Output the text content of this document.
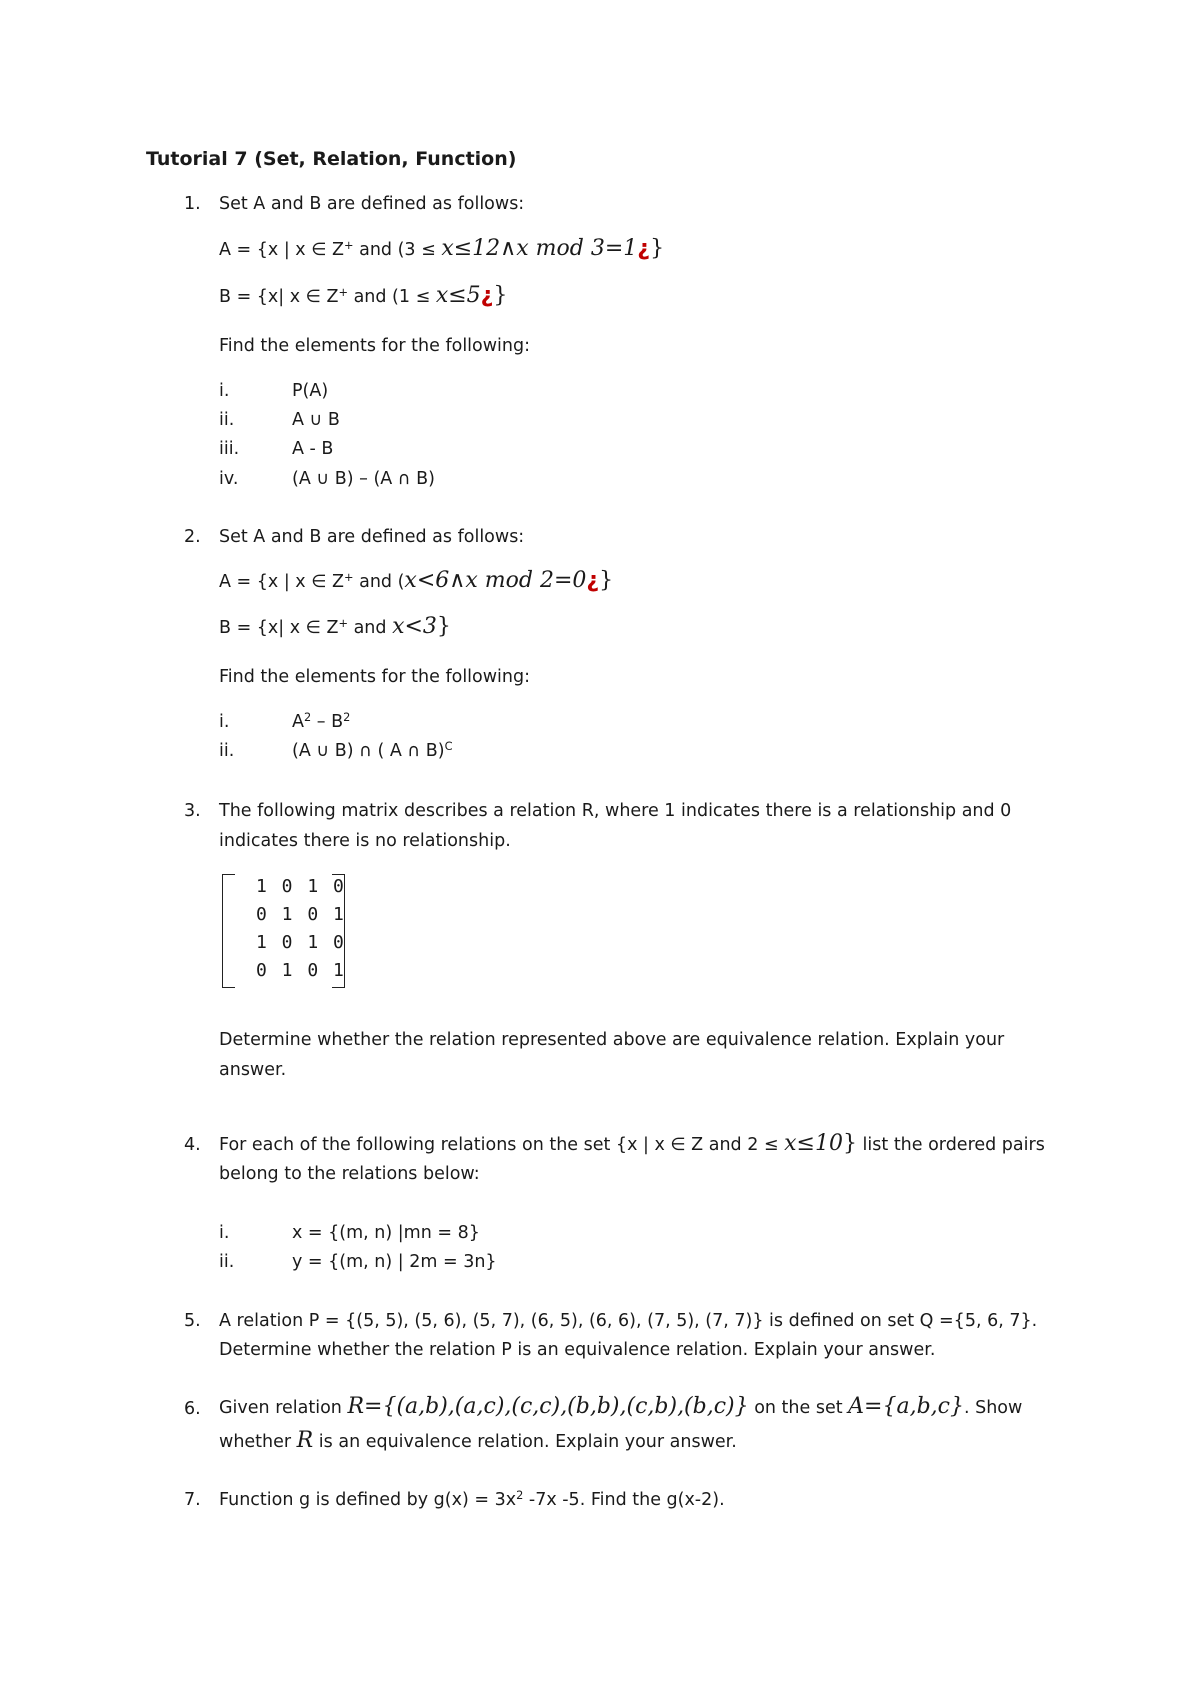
Tutorial 7 (Set, Relation, Function)
1. Set A and B are defined as follows:
A = {x | x ∈ Z+ and (3 ≤ x≤12∧x mod 3=1¿}
B = {x| x ∈ Z+ and (1 ≤ x≤5¿}
Find the elements for the following:
i.	P(A)
ii.	A ∪ B
iii.	A - B
iv.	(A ∪ B) – (A ∩ B)
2. Set A and B are defined as follows:
A = {x | x ∈ Z+ and (x<6∧x mod 2=0¿}
B = {x| x ∈ Z+ and x<3}
Find the elements for the following:
i.	$A^2 - B^2$
ii.	(A ∪ B) ∩ ( A ∩ B)$^C$
3. The following matrix describes a relation R, where 1 indicates there is a relationship and 0
indicates there is no relationship.
1 0 1 0
0 1 0 1
1 0 1 0
0 1 0 1
Determine whether the relation represented above are equivalence relation. Explain your
answer.
4. For each of the following relations on the set {x | x ∈ Z and 2 ≤ x≤10} list the ordered pairs
belong to the relations below:
i.	x = {(m, n) |mn = 8}
ii.	y = {(m, n) | 2m = 3n}
5. A relation P = {(5, 5), (5, 6), (5, 7), (6, 5), (6, 6), (7, 5), (7, 7)} is defined on set Q ={5, 6, 7}.
Determine whether the relation P is an equivalence relation. Explain your answer.
6. Given relation R={(a,b),(a,c),(c,c),(b,b),(c,b),(b,c)} on the set A={a,b,c}. Show
whether R is an equivalence relation. Explain your answer.
7. Function g is defined by $g(x) = 3x^2$ -7x -5. Find the g(x-2).
